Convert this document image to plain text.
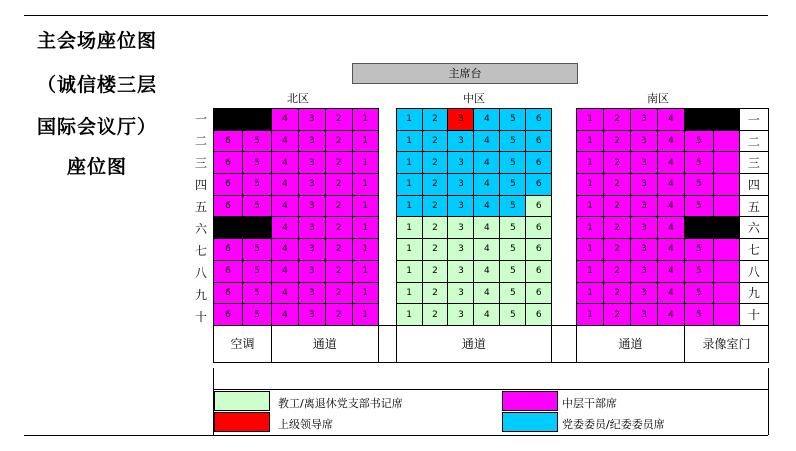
主会场座位图
（诚信楼三层
国际会议厅）
座位图
主席台
北区	中区	南区
一
二
三
四
五
六
七
八
九
十
		4	3	2	1		1	2	3	4	5	6		1	2	3	4			一
6	5	4	3	2	1		1	2	3	4	5	6		1	2	3	4	5		二
6	5	4	3	2	1		1	2	3	4	5	6		1	2	3	4	5		三
6	5	4	3	2	1		1	2	3	4	5	6		1	2	3	4	5		四
6	5	4	3	2	1		1	2	3	4	5	6		1	2	3	4	5		五
		4	3	2	1		1	2	3	4	5	6		1	2	3	4			六
6	5	4	3	2	1		1	2	3	4	5	6		1	2	3	4	5		七
6	5	4	3	2	1		1	2	3	4	5	6		1	2	3	4	5		八
6	5	4	3	2	1		1	2	3	4	5	6		1	2	3	4	5		九
6	5	4	3	2	1		1	2	3	4	5	6		1	2	3	4	5		十
空调		通道					通道							通道				录像室门		
教工/离退休党支部书记席
上级领导席
中层干部席
党委委员/纪委委员席
